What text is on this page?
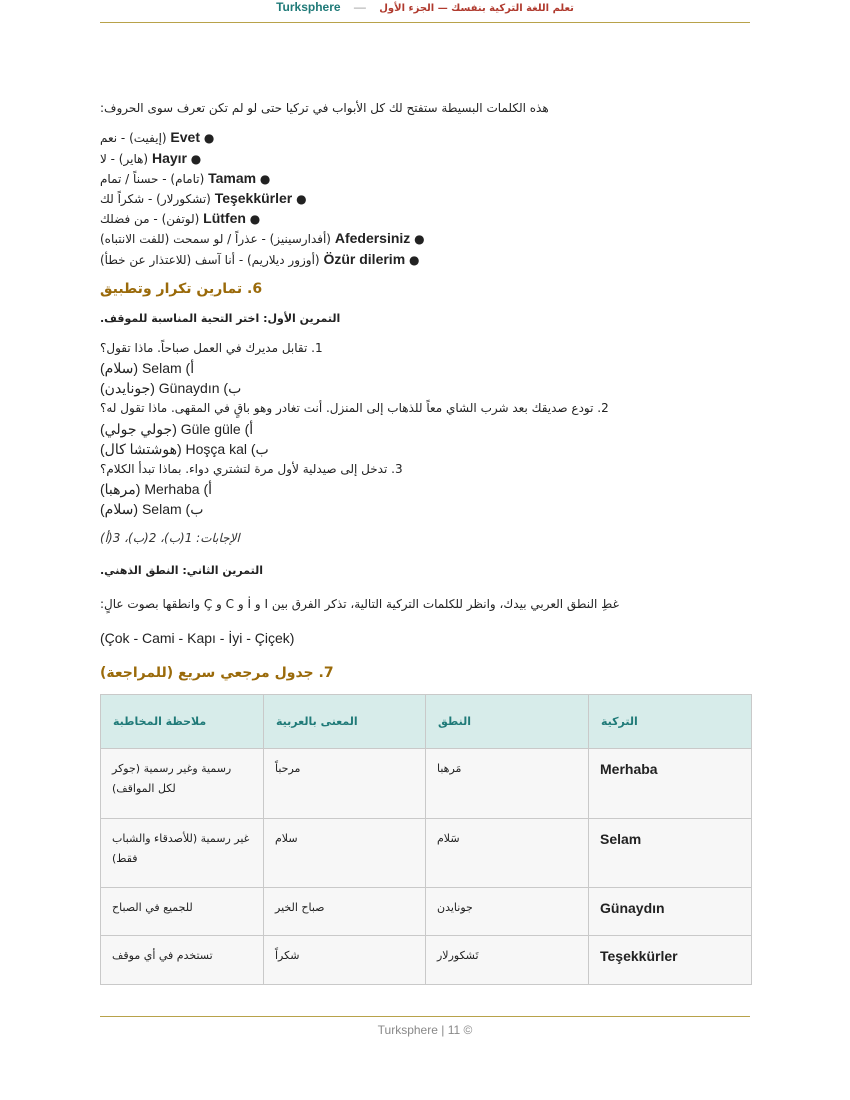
Turksphere — تعلم اللغة التركية بنفسك — الجزء الأول
هذه الكلمات البسيطة ستفتح لك كل الأبواب في تركيا حتى لو لم تكن تعرف سوى الحروف:
● Evet (إيفيت) - نعم
● Hayır (هاير) - لا
● Tamam (تامام) - حسناً / تمام
● Teşekkürler (تشكورلار) - شكراً لك
● Lütfen (لوتفن) - من فضلك
● Afedersiniz (أفدارسينيز) - عذراً / لو سمحت (للفت الانتباه)
● Özür dilerim (أوزور ديلاريم) - أنا آسف (للاعتذار عن خطأ)
6. تمارين تكرار وتطبيق
التمرين الأول: اختر التحية المناسبة للموقف.
1. تقابل مديرك في العمل صباحاً. ماذا تقول؟
أ) Selam (سلام)
ب) Günaydın (جونايدن)
2. تودع صديقك بعد شرب الشاي معاً للذهاب إلى المنزل. أنت تغادر وهو باقٍ في المقهى. ماذا تقول له؟
أ) Güle güle (جولي جولي)
ب) Hoşça kal (هوشتشا كال)
3. تدخل إلى صيدلية لأول مرة لتشتري دواء. بماذا تبدأ الكلام؟
أ) Merhaba (مرهبا)
ب) Selam (سلام)
الإجابات: 1(ب)، 2(ب)، 3(أ)
التمرين الثاني: النطق الذهني.
غطِ النطق العربي بيدك، وانظر للكلمات التركية التالية، تذكر الفرق بين I و İ و C و Ç وانطقها بصوت عالٍ:
(Çok - Cami - Kapı - İyi - Çiçek)
7. جدول مرجعي سريع (للمراجعة)
ملاحظة المخاطبة	المعنى بالعربية	النطق	التركية
رسمية وغير رسمية (جوكر لكل المواقف)	مرحباً	مَرهبا	Merhaba
غير رسمية (للأصدقاء والشباب فقط)	سلام	سَلام	Selam
للجميع في الصباح	صباح الخير	جونايدن	Günaydın
تستخدم في أي موقف	شكراً	تَشكورلار	Teşekkürler
Turksphere | 11 ©
